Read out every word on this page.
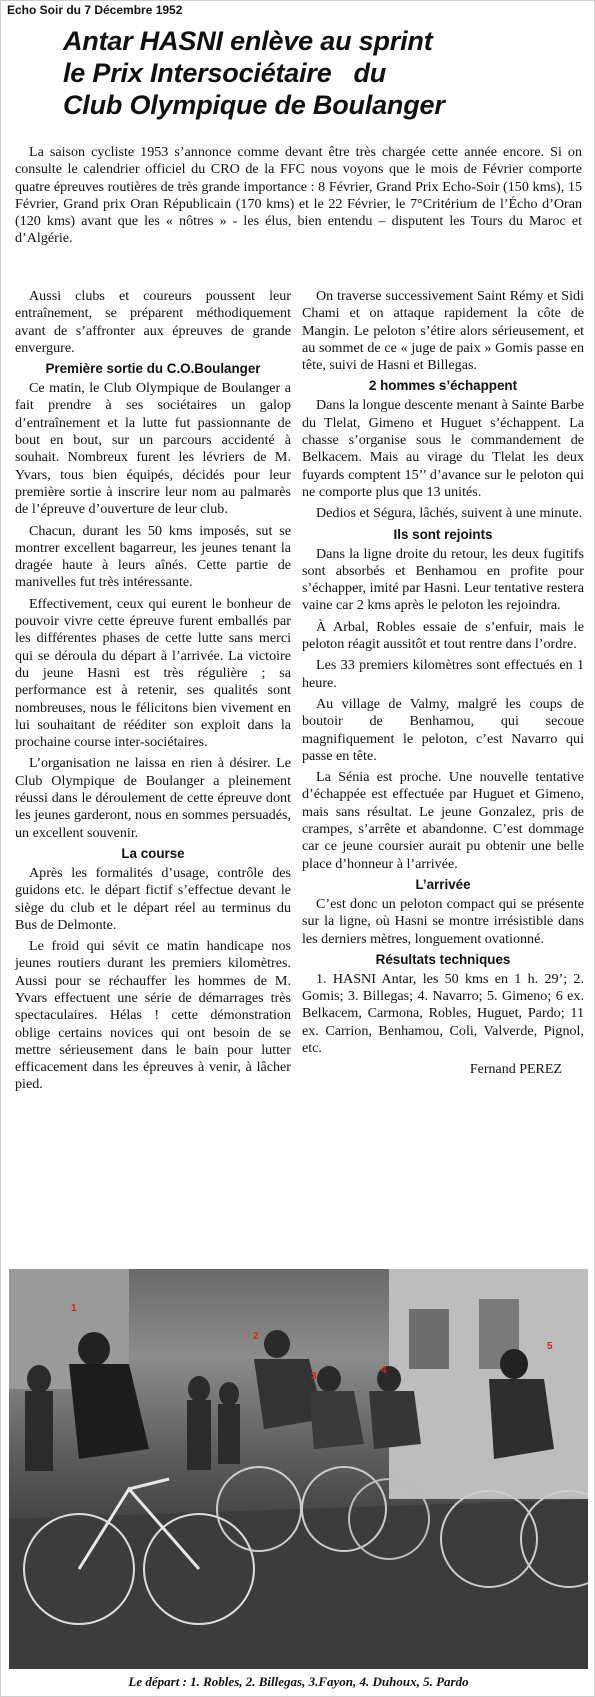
Echo Soir du 7 Décembre 1952
Antar HASNI enlève au sprint
le Prix Intersociétaire   du
Club Olympique de Boulanger

La saison cycliste 1953 s’annonce comme devant être très chargée cette année encore. Si on consulte le calendrier officiel du CRO de la FFC nous voyons que le mois de Février comporte quatre épreuves routières de très grande importance : 8 Février, Grand Prix Echo-Soir (150 kms), 15 Février, Grand prix Oran Républicain (170 kms) et le 22 Février, le 7°Critérium de l’Écho d’Oran (120 kms) avant que les « nôtres » - les élus, bien entendu – disputent les Tours du Maroc et d’Algérie.

Aussi clubs et coureurs poussent leur entraînement, se préparent méthodiquement avant de s’affronter aux épreuves de grande envergure.

Première sortie du C.O.Boulanger

Ce matin, le Club Olympique de Boulanger a fait prendre à ses sociétaires un galop d’entraînement et la lutte fut passionnante de bout en bout, sur un parcours accidenté à souhait. Nombreux furent les lévriers de M. Yvars, tous bien équipés, décidés pour leur première sortie à inscrire leur nom au palmarès de l’épreuve d’ouverture de leur club.

Chacun, durant les 50 kms imposés, sut se montrer excellent bagarreur, les jeunes tenant la dragée haute à leurs aînés. Cette partie de manivelles fut très intéressante.

Effectivement, ceux qui eurent le bonheur de pouvoir vivre cette épreuve furent emballés par les différentes phases de cette lutte sans merci qui se déroula du départ à l’arrivée. La victoire du jeune Hasni est très régulière ; sa performance est à retenir, ses qualités sont nombreuses, nous le félicitons bien vivement en lui souhaitant de rééditer son exploit dans la prochaine course inter-sociétaires.

L’organisation ne laissa en rien à désirer. Le Club Olympique de Boulanger a pleinement réussi dans le déroulement de cette épreuve dont les jeunes garderont, nous en sommes persuadés, un excellent souvenir.

La course

Après les formalités d’usage, contrôle des guidons etc. le départ fictif s’effectue devant le siège du club et le départ réel au terminus du Bus de Delmonte.

Le froid qui sévit ce matin handicape nos jeunes routiers durant les premiers kilomètres. Aussi pour se réchauffer les hommes de M. Yvars effectuent une série de démarrages très spectaculaires. Hélas ! cette démonstration oblige certains novices qui ont besoin de se mettre sérieusement dans le bain pour lutter efficacement dans les épreuves à venir, à lâcher pied.

On traverse successivement Saint Rémy et Sidi Chami et on attaque rapidement la côte de Mangin. Le peloton s’étire alors sérieusement, et au sommet de ce « juge de paix » Gomis passe en tête, suivi de Hasni et Billegas.

2 hommes s’échappent

Dans la longue descente menant à Sainte Barbe du Tlelat, Gimeno et Huguet s’échappent. La chasse s’organise sous le commandement de Belkacem. Mais au virage du Tlelat les deux fuyards comptent 15’’ d’avance sur le peloton qui ne comporte plus que 13 unités.

Dedios et Ségura, lâchés, suivent à une minute.

Ils sont rejoints

Dans la ligne droite du retour, les deux fugitifs sont absorbés et Benhamou en profite pour s’échapper, imité par Hasni. Leur tentative restera vaine car 2 kms après le peloton les rejoindra.

À Arbal, Robles essaie de s’enfuir, mais le peloton réagit aussitôt et tout rentre dans l’ordre.

Les 33 premiers kilomètres sont effectués en 1 heure.

Au village de Valmy, malgré les coups de boutoir de Benhamou, qui secoue magnifiquement le peloton, c’est Navarro qui passe en tête.

La Sénia est proche. Une nouvelle tentative d’échappée est effectuée par Huguet et Gimeno, mais sans résultat. Le jeune Gonzalez, pris de crampes, s’arrête et abandonne. C’est dommage car ce jeune coursier aurait pu obtenir une belle place d’honneur à l’arrivée.

L’arrivée

C’est donc un peloton compact qui se présente sur la ligne, où Hasni se montre irrésistible dans les derniers mètres, longuement ovationné.

Résultats techniques

1. HASNI Antar, les 50 kms en 1 h. 29’; 2. Gomis; 3. Billegas; 4. Navarro; 5. Gimeno; 6 ex. Belkacem, Carmona, Robles, Huguet, Pardo; 11 ex. Carrion, Benhamou, Coli, Valverde, Pignol, etc.

Fernand PEREZ

1
2
3
4
5
Le départ : 1. Robles, 2. Billegas, 3.Fayon, 4. Duhoux, 5. Pardo
